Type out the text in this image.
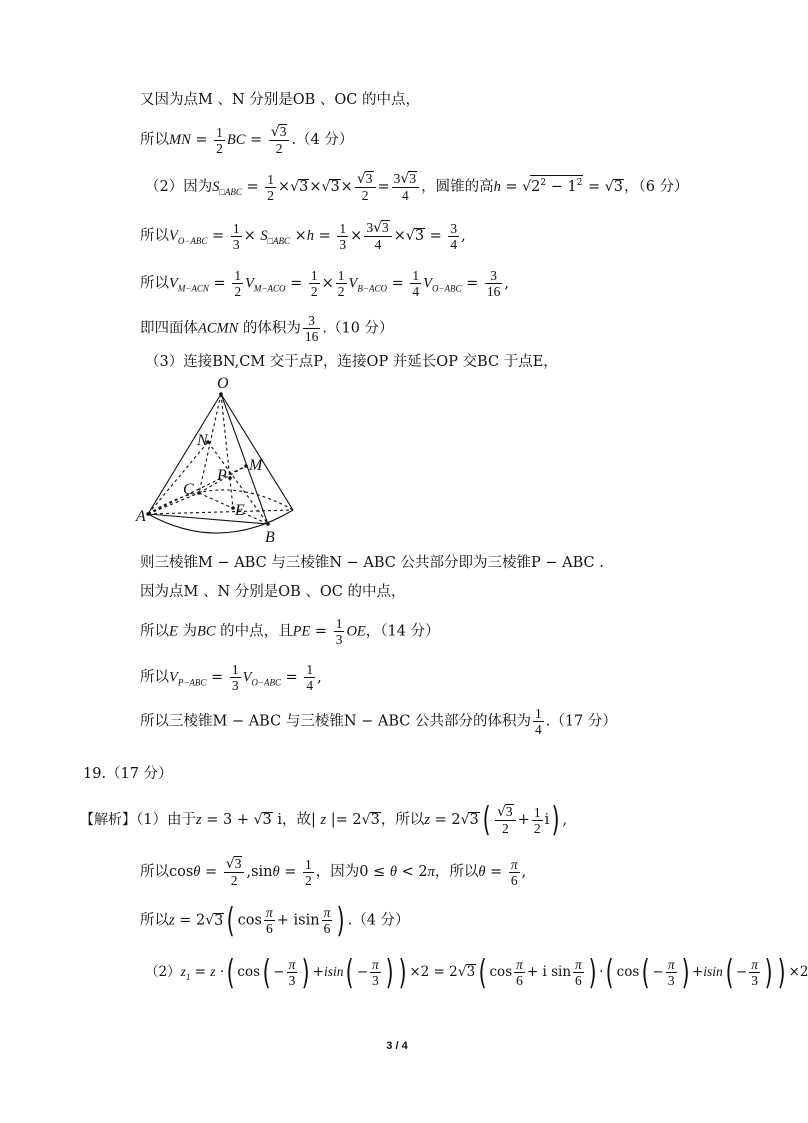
又因为点M 、N 分别是OB 、OC 的中点，
所以MN = $\frac{1}{2}$ BC = $\frac{√3}{2} .(4$ 分）
（2）因为$S_{□ABC} = \frac{1}{2} \times√3\times√3\times \frac{√3}{2} = \frac{3√3}{4}$ ，圆锥的高$h = √2^2 - 1^2 = √3$，（6 分）
所以$V_{O-ABC} = \frac{1}{3} \times S_{□ABC} \times h = \frac{1}{3} \times \frac{3√3}{4} \times√3 = \frac{3}{4}$ ,
所以$V_{M-ACN} = \frac{1}{2} V_{M-ACO} = \frac{1}{2} \times \frac{1}{2} V_{B-ACO} = \frac{1}{4} V_{O-ABC} = \frac{3}{16}$ ,
即四面体ACMN 的体积为 $\frac{3}{16} .(10$ 分）
（3）连接BN,CM 交于点P，连接OP 并延长OP 交BC 于点E，
O
N
M
P
C
A	E
B
则三棱锥M − ABC 与三棱锥N − ABC 公共部分即为三棱锥P − ABC .
因为点M 、N 分别是OB 、OC 的中点，
所以E 为BC 的中点，且PE = $\frac{1}{3}$ OE，（14 分）
所以$V_{P-ABC} = \frac{1}{3} V_{O-ABC} = \frac{1}{4}$ ,
所以三棱锥M − ABC 与三棱锥N − ABC 公共部分的体积为 $\frac{1}{4} .(17$ 分）
19.（17 分）
【解析】（1）由于z = 3 + √3 i，故| z |= 2√3，所以z = 2√3 ( $\frac{√3}{2} + \frac{1}{2} i$) ,
所以$\cos\theta = \frac{√3}{2} ,\sin\theta = \frac{1}{2}$ ，因为0 ≤ θ < 2π，所以$\theta = \frac{\pi}{6}$ ,
所以z = 2√3 ( $\cos \frac{\pi}{6} + isin \frac{\pi}{6}$ ) .（4 分）
$(2)z_1 = z$ ·( $\cos( - \frac{\pi}{3}$ ) $+isin( - \frac{\pi}{3}$ ) ) ×2 = 2√3 ( $\cos \frac{\pi}{6} + i$ $\sin \frac{\pi}{6}$ ) ·( $\cos( - \frac{\pi}{3}$ ) $+isin( - \frac{\pi}{3}$ ) ) ×2
3 / 4
